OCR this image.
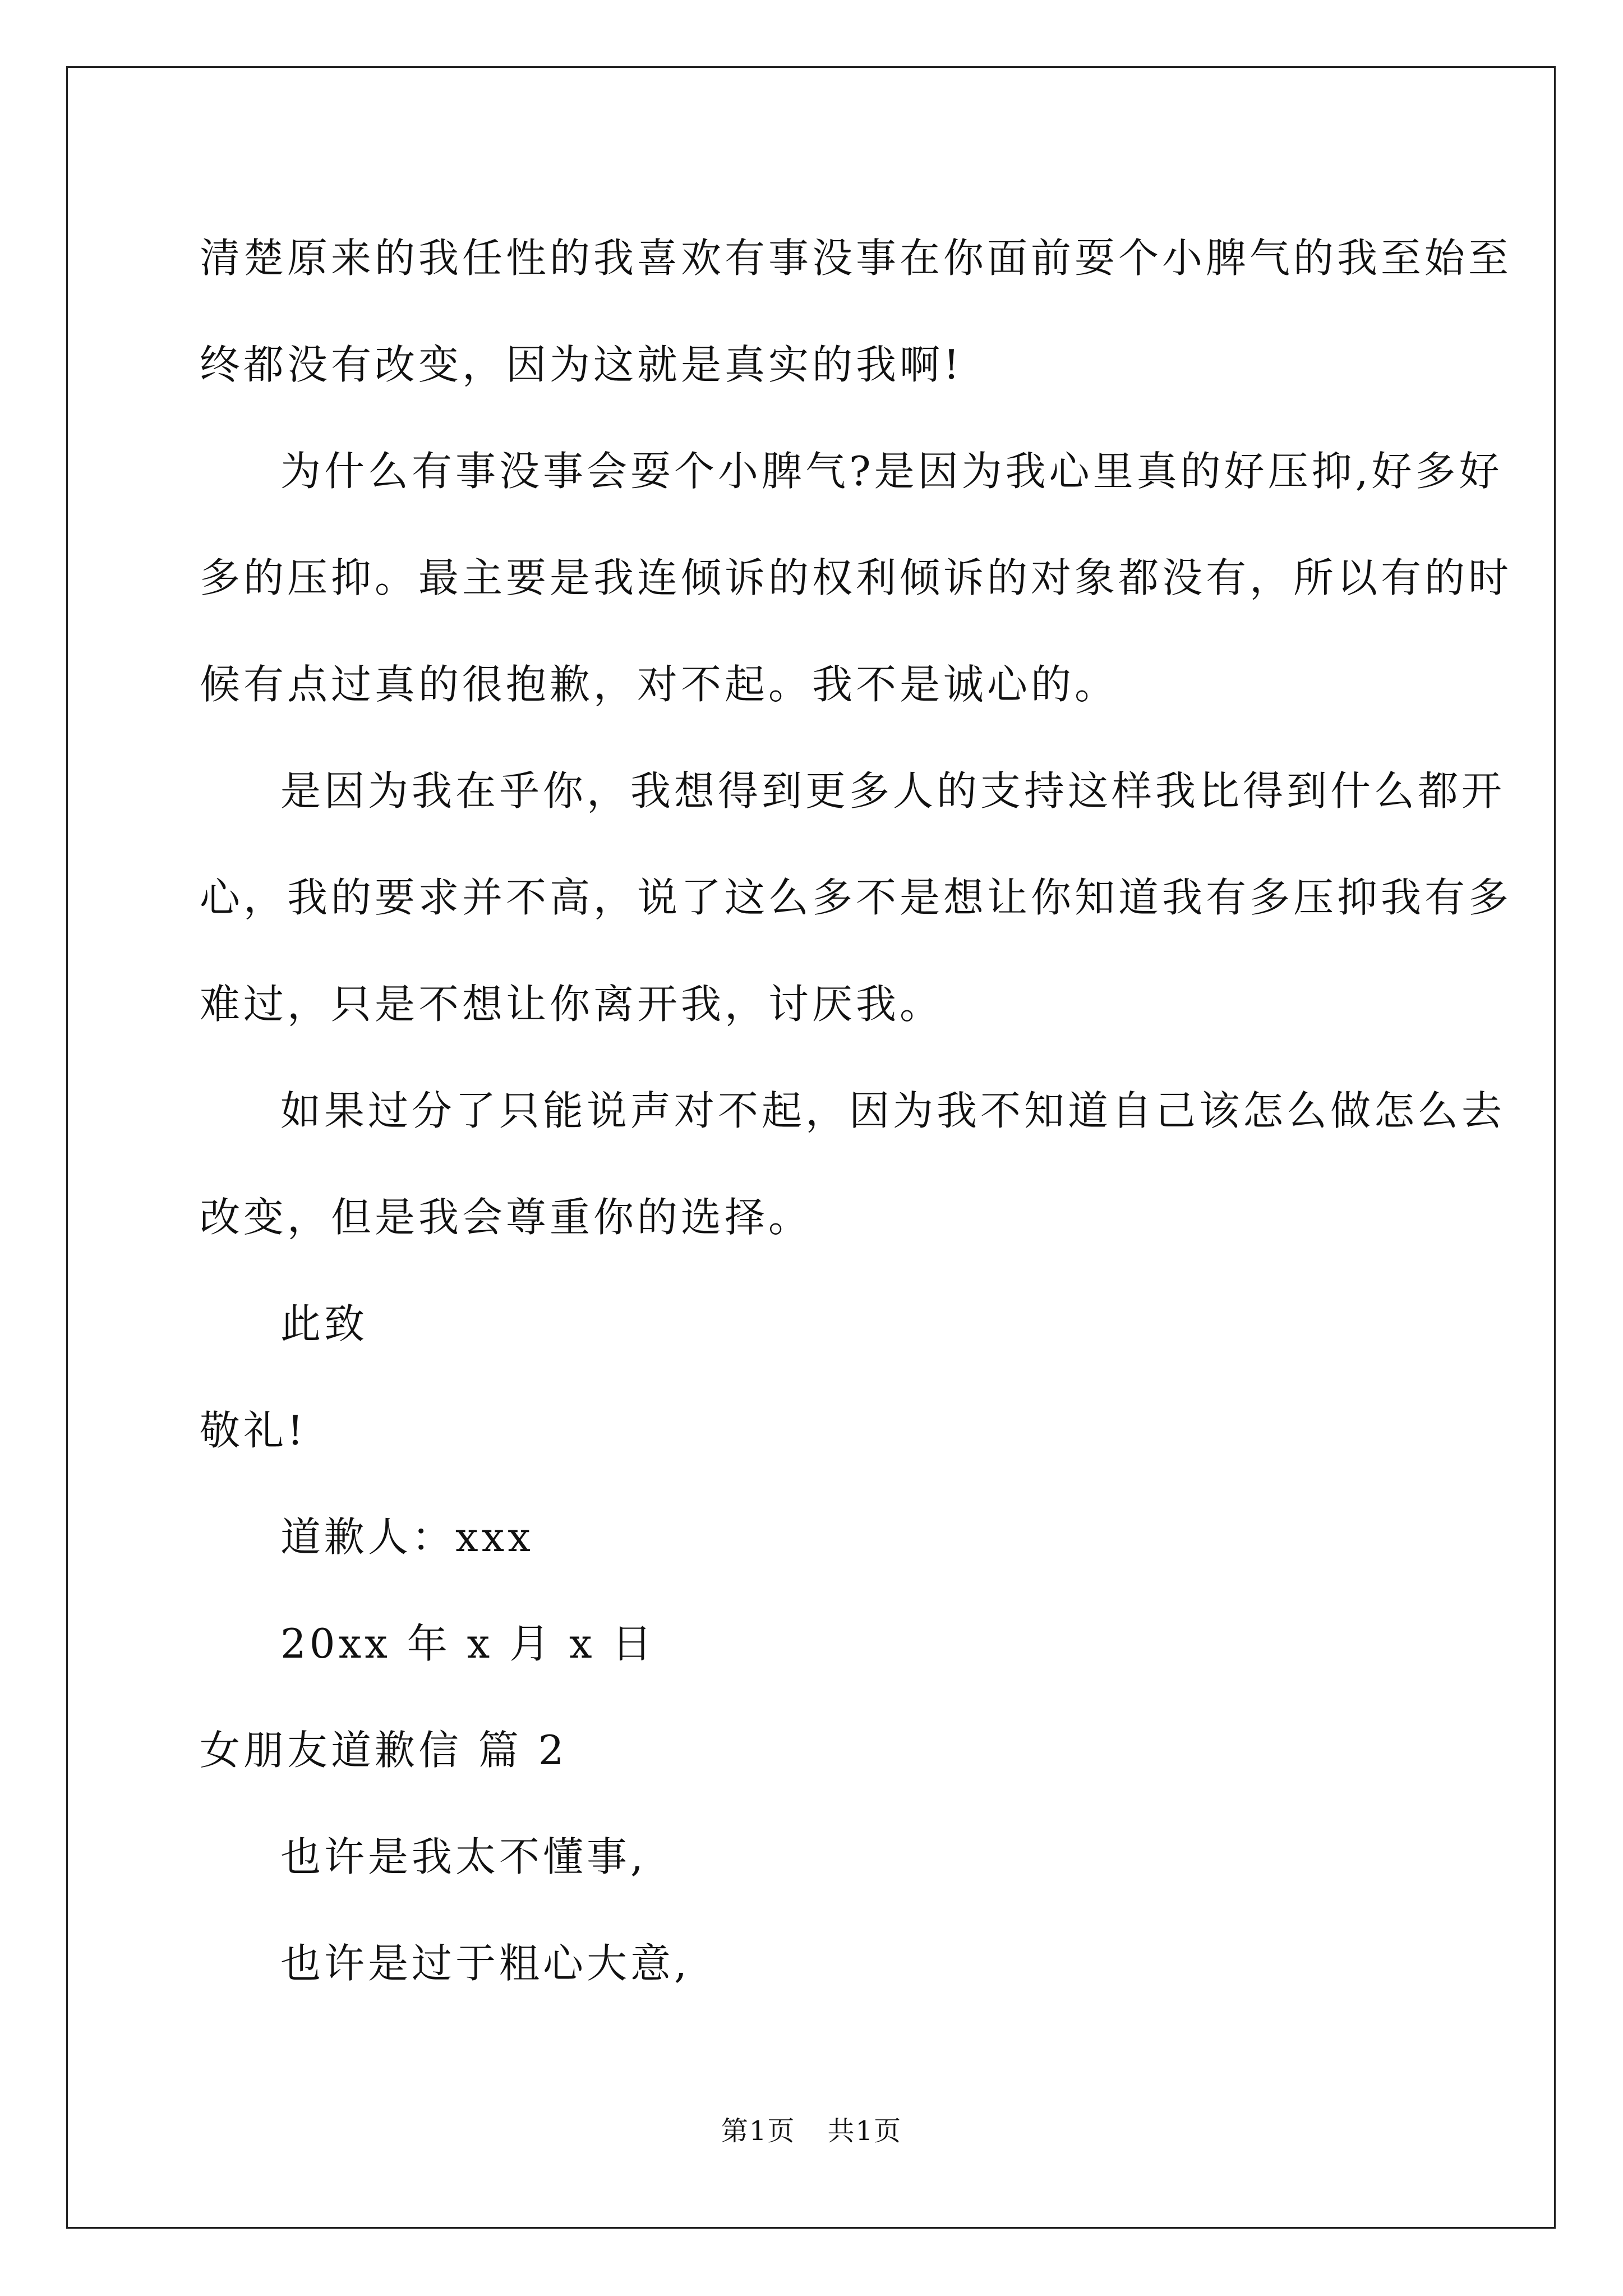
清楚原来的我任性的我喜欢有事没事在你面前耍个小脾气的我至始至
终都没有改变，因为这就是真实的我啊!
为什么有事没事会耍个小脾气?是因为我心里真的好压抑,好多好
多的压抑。最主要是我连倾诉的权利倾诉的对象都没有，所以有的时
候有点过真的很抱歉，对不起。我不是诚心的。
是因为我在乎你，我想得到更多人的支持这样我比得到什么都开
心，我的要求并不高，说了这么多不是想让你知道我有多压抑我有多
难过，只是不想让你离开我，讨厌我。
如果过分了只能说声对不起，因为我不知道自己该怎么做怎么去
改变，但是我会尊重你的选择。
此致
敬礼!
道歉人：xxx
20xx 年 x 月 x 日
女朋友道歉信 篇 2
也许是我太不懂事,
也许是过于粗心大意,
第1页 共1页
